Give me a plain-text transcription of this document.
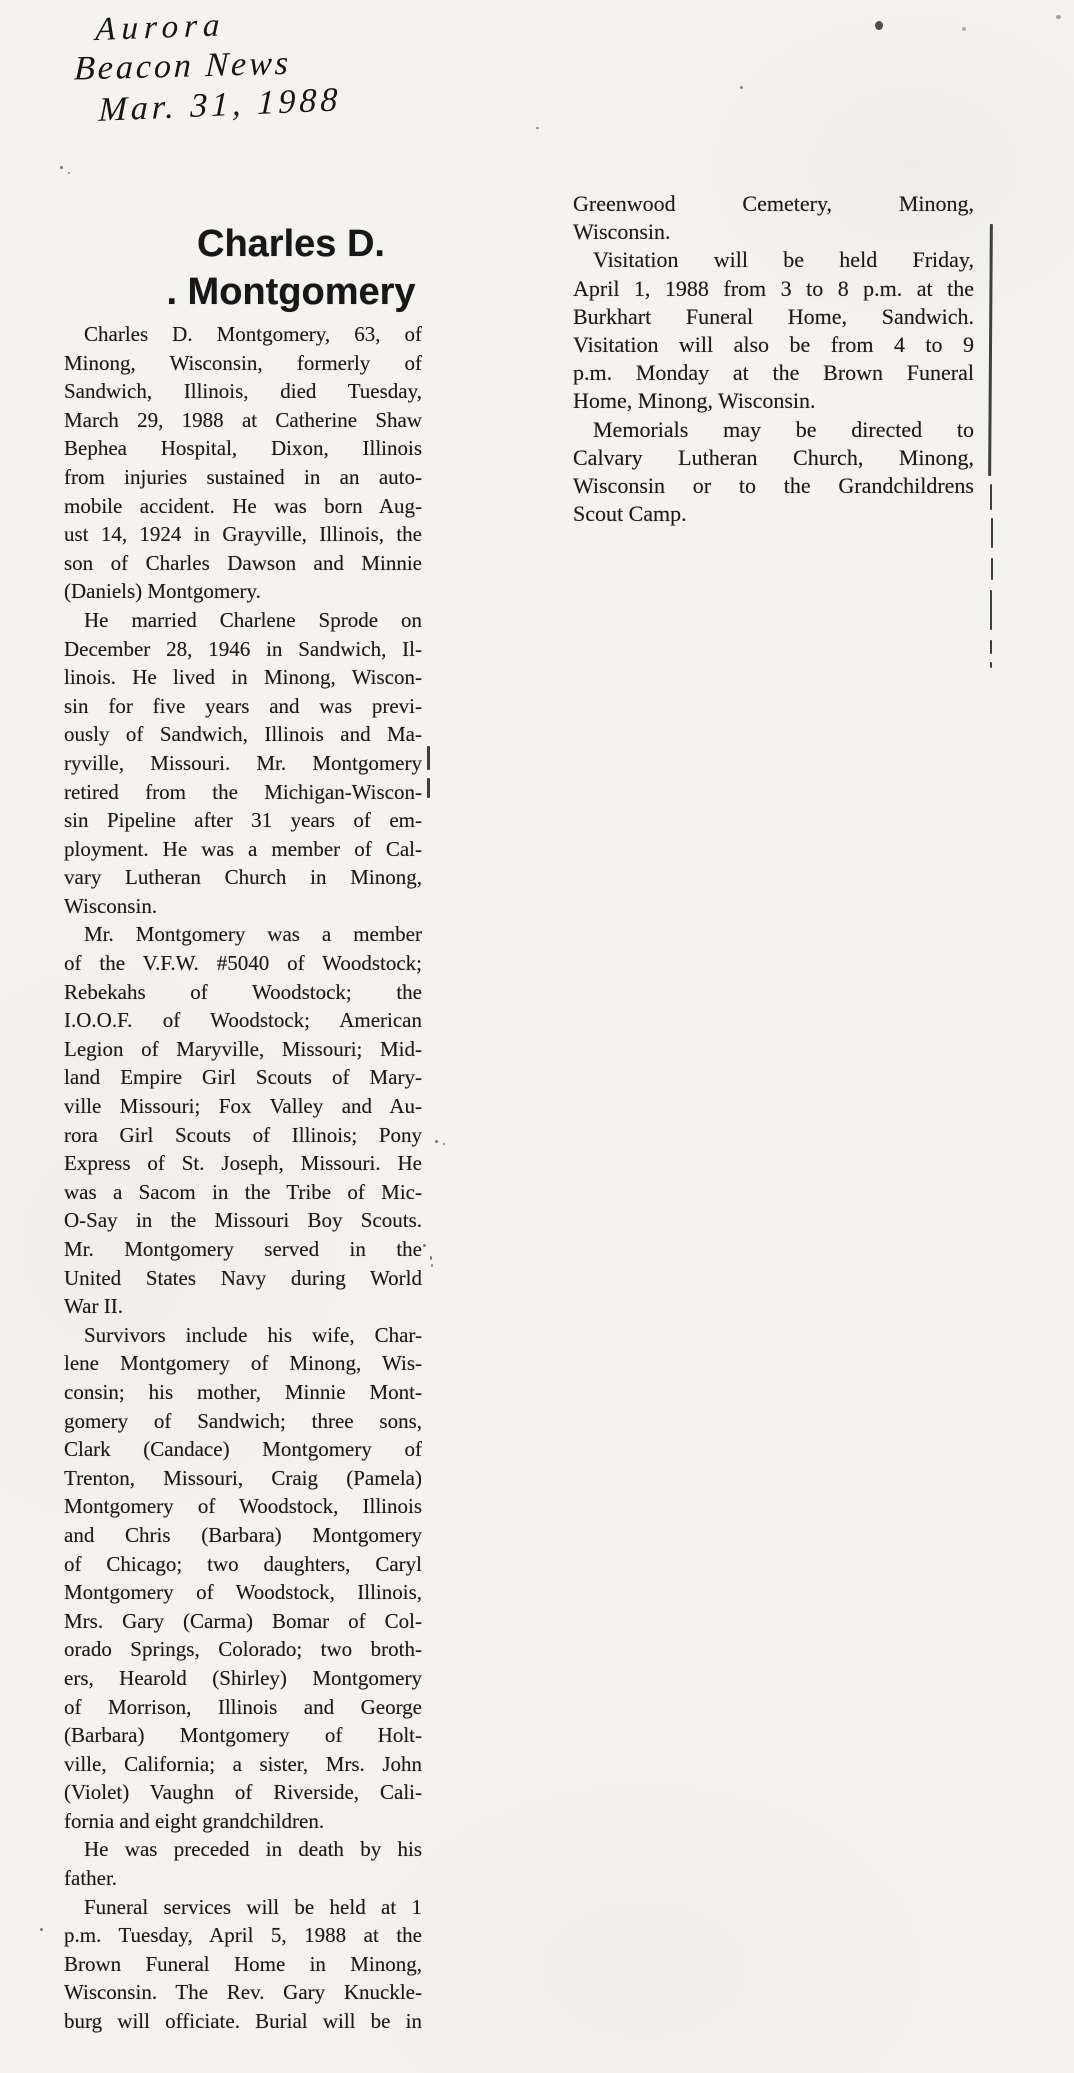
Aurora
Beacon News
Mar. 31, 1988
Charles D.
. Montgomery
Charles D. Montgomery, 63, of
Minong, Wisconsin, formerly of
Sandwich, Illinois, died Tuesday,
March 29, 1988 at Catherine Shaw
Bephea Hospital, Dixon, Illinois
from injuries sustained in an auto-
mobile accident. He was born Aug-
ust 14, 1924 in Grayville, Illinois, the
son of Charles Dawson and Minnie
(Daniels) Montgomery.
He married Charlene Sprode on
December 28, 1946 in Sandwich, Il-
linois. He lived in Minong, Wiscon-
sin for five years and was previ-
ously of Sandwich, Illinois and Ma-
ryville, Missouri. Mr. Montgomery
retired from the Michigan-Wiscon-
sin Pipeline after 31 years of em-
ployment. He was a member of Cal-
vary Lutheran Church in Minong,
Wisconsin.
Mr. Montgomery was a member
of the V.F.W. #5040 of Woodstock;
Rebekahs of Woodstock; the
I.O.O.F. of Woodstock; American
Legion of Maryville, Missouri; Mid-
land Empire Girl Scouts of Mary-
ville Missouri; Fox Valley and Au-
rora Girl Scouts of Illinois; Pony
Express of St. Joseph, Missouri. He
was a Sacom in the Tribe of Mic-
O-Say in the Missouri Boy Scouts.
Mr. Montgomery served in the
United States Navy during World
War II.
Survivors include his wife, Char-
lene Montgomery of Minong, Wis-
consin; his mother, Minnie Mont-
gomery of Sandwich; three sons,
Clark (Candace) Montgomery of
Trenton, Missouri, Craig (Pamela)
Montgomery of Woodstock, Illinois
and Chris (Barbara) Montgomery
of Chicago; two daughters, Caryl
Montgomery of Woodstock, Illinois,
Mrs. Gary (Carma) Bomar of Col-
orado Springs, Colorado; two broth-
ers, Hearold (Shirley) Montgomery
of Morrison, Illinois and George
(Barbara) Montgomery of Holt-
ville, California; a sister, Mrs. John
(Violet) Vaughn of Riverside, Cali-
fornia and eight grandchildren.
He was preceded in death by his
father.
Funeral services will be held at 1
p.m. Tuesday, April 5, 1988 at the
Brown Funeral Home in Minong,
Wisconsin. The Rev. Gary Knuckle-
burg will officiate. Burial will be in
Greenwood Cemetery, Minong,
Wisconsin.
Visitation will be held Friday,
April 1, 1988 from 3 to 8 p.m. at the
Burkhart Funeral Home, Sandwich.
Visitation will also be from 4 to 9
p.m. Monday at the Brown Funeral
Home, Minong, Wisconsin.
Memorials may be directed to
Calvary Lutheran Church, Minong,
Wisconsin or to the Grandchildrens
Scout Camp.
